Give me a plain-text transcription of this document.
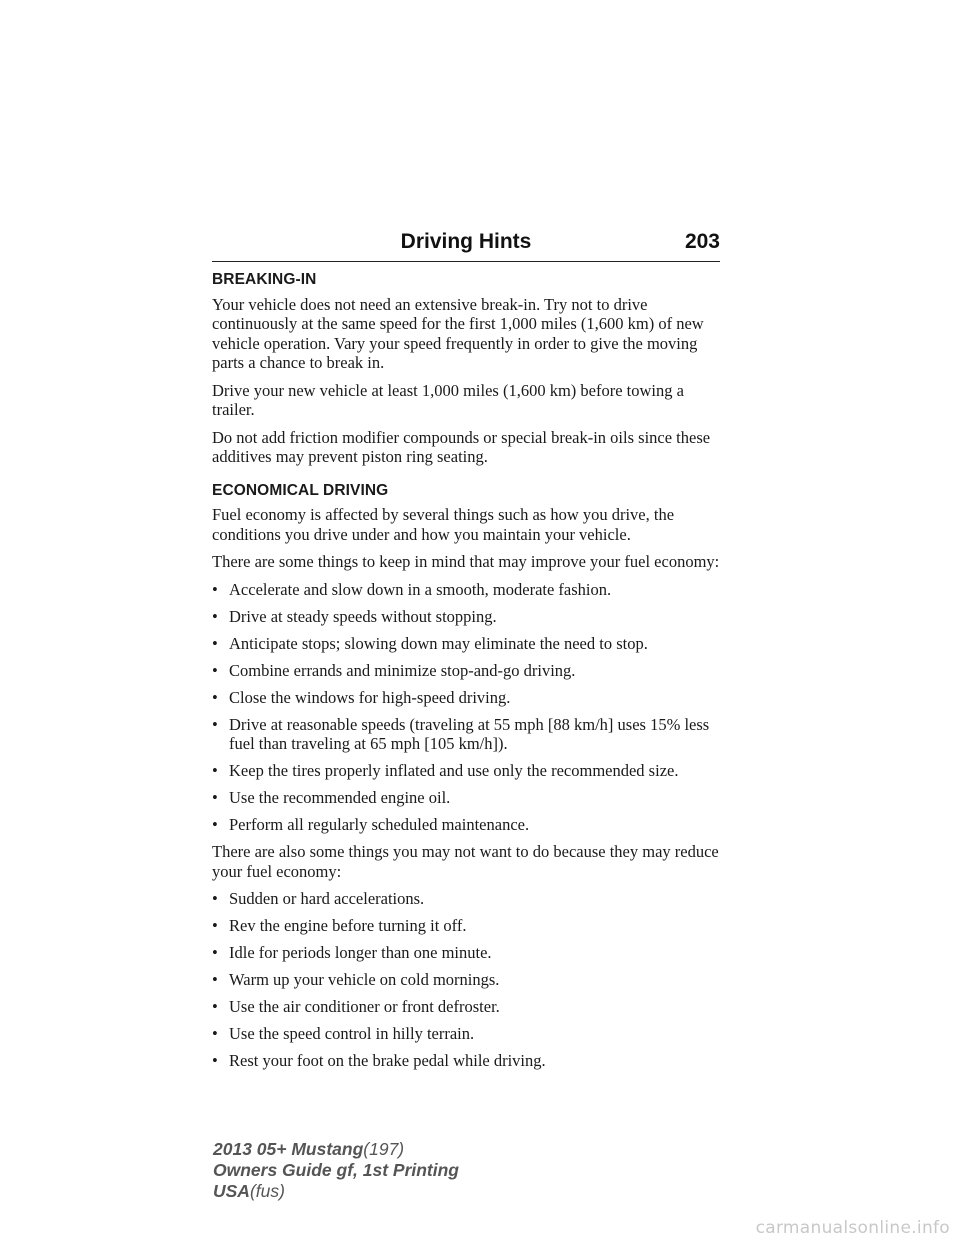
Driving Hints	203
BREAKING-IN

Your vehicle does not need an extensive break-in. Try not to drive continuously at the same speed for the first 1,000 miles (1,600 km) of new vehicle operation. Vary your speed frequently in order to give the moving parts a chance to break in.

Drive your new vehicle at least 1,000 miles (1,600 km) before towing a trailer.

Do not add friction modifier compounds or special break-in oils since these additives may prevent piston ring seating.

ECONOMICAL DRIVING

Fuel economy is affected by several things such as how you drive, the conditions you drive under and how you maintain your vehicle.

There are some things to keep in mind that may improve your fuel economy:

• Accelerate and slow down in a smooth, moderate fashion.
• Drive at steady speeds without stopping.
• Anticipate stops; slowing down may eliminate the need to stop.
• Combine errands and minimize stop-and-go driving.
• Close the windows for high-speed driving.
• Drive at reasonable speeds (traveling at 55 mph [88 km/h] uses 15% less fuel than traveling at 65 mph [105 km/h]).
• Keep the tires properly inflated and use only the recommended size.
• Use the recommended engine oil.
• Perform all regularly scheduled maintenance.

There are also some things you may not want to do because they may reduce your fuel economy:

• Sudden or hard accelerations.
• Rev the engine before turning it off.
• Idle for periods longer than one minute.
• Warm up your vehicle on cold mornings.
• Use the air conditioner or front defroster.
• Use the speed control in hilly terrain.
• Rest your foot on the brake pedal while driving.
2013 05+ Mustang(197)
Owners Guide gf, 1st Printing
USA(fus)
carmanualsonline.info
